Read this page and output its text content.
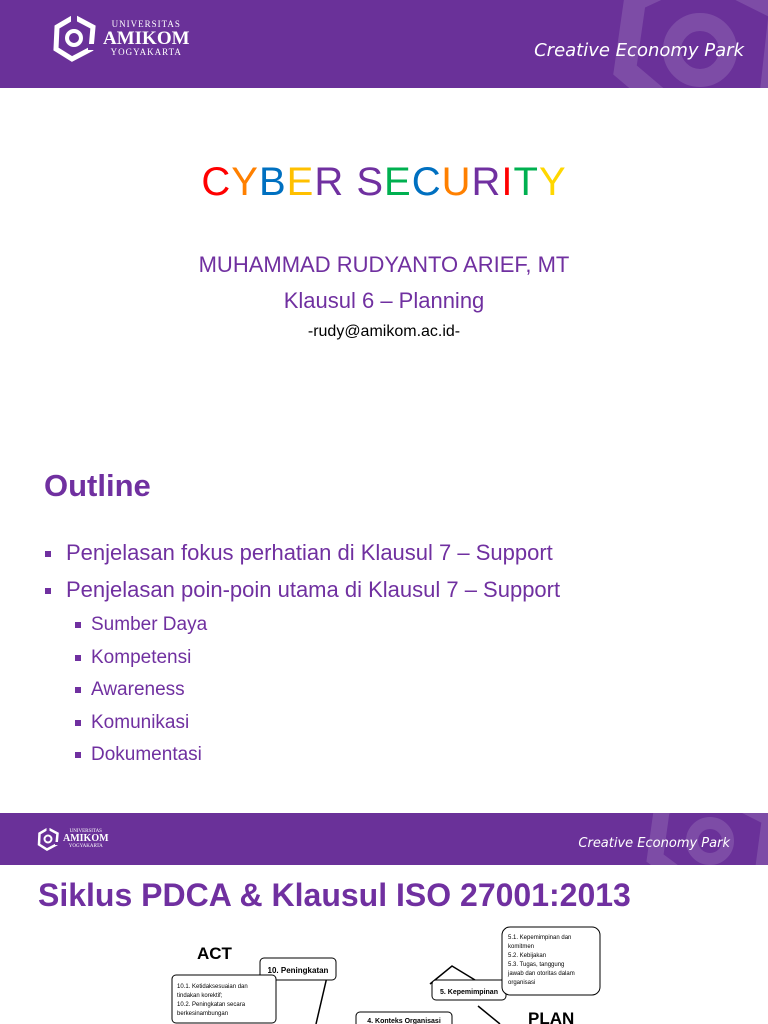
UNIVERSITAS
AMIKOM
YOGYAKARTA	Creative Economy Park
CYBER SECURITY
MUHAMMAD RUDYANTO ARIEF, MT
Klausul 6 – Planning
-rudy@amikom.ac.id-
Outline
Penjelasan fokus perhatian di Klausul 7 – Support
Penjelasan poin-poin utama di Klausul 7 – Support
Sumber Daya
Kompetensi
Awareness
Komunikasi
Dokumentasi
UNIVERSITAS
AMIKOM
YOGYAKARTA	Creative Economy Park
Siklus PDCA & Klausul ISO 27001:2013
ACT
PLAN
10. Peningkatan
10.1. Ketidaksesuaian dan
tindakan korektif;
10.2. Peningkatan secara
berkesinambungan
5. Kepemimpinan
5.1. Kepemimpinan dan
komitmen
5.2. Kebijakan
5.3. Tugas, tanggung
jawab dan otoritas dalam
organisasi
4. Konteks Organisasi
